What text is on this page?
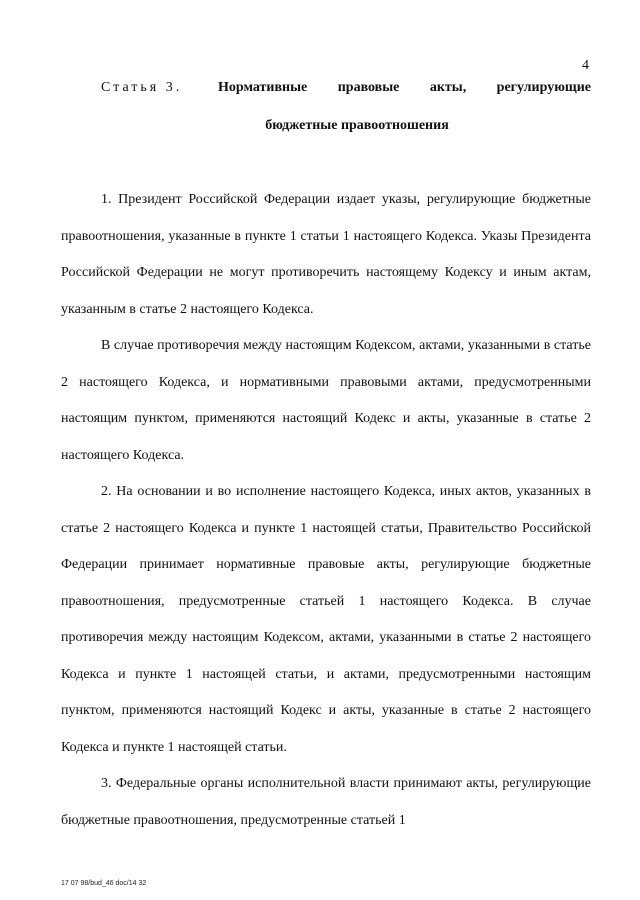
4
Статья 3.	Нормативные правовые акты, регулирующие
бюджетные правоотношения

1. Президент Российской Федерации издает указы, регулирующие бюджетные правоотношения, указанные в пункте 1 статьи 1 настоящего Кодекса. Указы Президента Российской Федерации не могут противоречить настоящему Кодексу и иным актам, указанным в статье 2 настоящего Кодекса.

В случае противоречия между настоящим Кодексом, актами, указанными в статье 2 настоящего Кодекса, и нормативными правовыми актами, предусмотренными настоящим пунктом, применяются настоящий Кодекс и акты, указанные в статье 2 настоящего Кодекса.

2. На основании и во исполнение настоящего Кодекса, иных актов, указанных в статье 2 настоящего Кодекса и пункте 1 настоящей статьи, Правительство Российской Федерации принимает нормативные правовые акты, регулирующие бюджетные правоотношения, предусмотренные статьей 1 настоящего Кодекса. В случае противоречия между настоящим Кодексом, актами, указанными в статье 2 настоящего Кодекса и пункте 1 настоящей статьи, и актами, предусмотренными настоящим пунктом, применяются настоящий Кодекс и акты, указанные в статье 2 настоящего Кодекса и пункте 1 настоящей статьи.

3. Федеральные органы исполнительной власти принимают акты, регулирующие бюджетные правоотношения, предусмотренные статьей 1

17 07 98/bud_46 doc/14 32
